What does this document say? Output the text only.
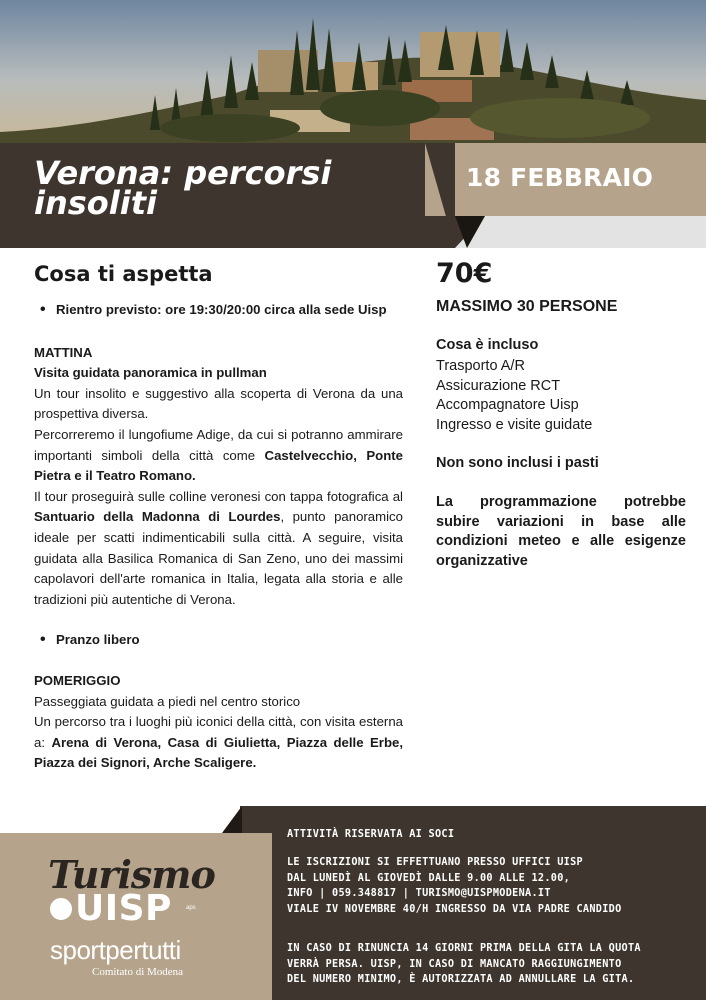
Verona: percorsi insoliti
18 FEBBRAIO
Cosa ti aspetta
• Rientro previsto: ore 19:30/20:00 circa alla sede Uisp
MATTINA
Visita guidata panoramica in pullman
Un tour insolito e suggestivo alla scoperta di Verona da una prospettiva diversa.
Percorreremo il lungofiume Adige, da cui si potranno ammirare importanti simboli della città come Castelvecchio, Ponte Pietra e il Teatro Romano.
Il tour proseguirà sulle colline veronesi con tappa fotografica al Santuario della Madonna di Lourdes, punto panoramico ideale per scatti indimenticabili sulla città. A seguire, visita guidata alla Basilica Romanica di San Zeno, uno dei massimi capolavori dell'arte romanica in Italia, legata alla storia e alle tradizioni più autentiche di Verona.
• Pranzo libero
POMERIGGIO
Passeggiata guidata a piedi nel centro storico
Un percorso tra i luoghi più iconici della città, con visita esterna a: Arena di Verona, Casa di Giulietta, Piazza delle Erbe, Piazza dei Signori, Arche Scaligere.
70€
MASSIMO 30 PERSONE
Cosa è incluso
Trasporto A/R
Assicurazione RCT
Accompagnatore Uisp
Ingresso e visite guidate
Non sono inclusi i pasti
La programmazione potrebbe subire variazioni in base alle condizioni meteo e alle esigenze organizzative
ATTIVITÀ RISERVATA AI SOCI
LE ISCRIZIONI SI EFFETTUANO PRESSO UFFICI UISP
DAL LUNEDÌ AL GIOVEDÌ DALLE 9.00 ALLE 12.00,
INFO | 059.348817 | TURISMO@UISPMODENA.IT
VIALE IV NOVEMBRE 40/H INGRESSO DA VIA PADRE CANDIDO
IN CASO DI RINUNCIA 14 GIORNI PRIMA DELLA GITA LA QUOTA
VERRÀ PERSA. UISP, IN CASO DI MANCATO RAGGIUNGIMENTO
DEL NUMERO MINIMO, È AUTORIZZATA AD ANNULLARE LA GITA.
Turismo
UISP aps
sportpertutti
Comitato di Modena
